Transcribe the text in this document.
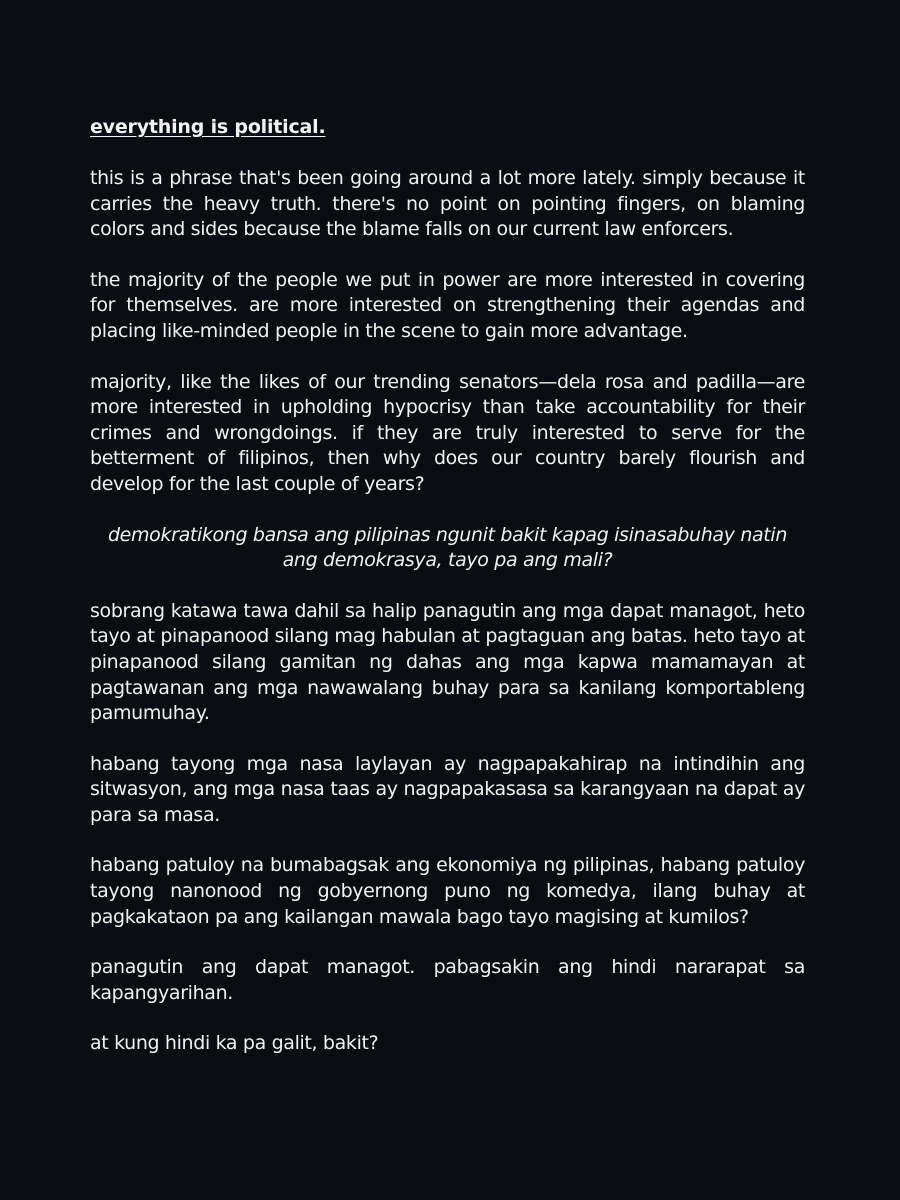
everything is political.

this is a phrase that's been going around a lot more lately. simply because it carries the heavy truth. there's no point on pointing fingers, on blaming colors and sides because the blame falls on our current law enforcers.

the majority of the people we put in power are more interested in covering for themselves. are more interested on strengthening their agendas and placing like-minded people in the scene to gain more advantage.

majority, like the likes of our trending senators—dela rosa and padilla—are more interested in upholding hypocrisy than take accountability for their crimes and wrongdoings. if they are truly interested to serve for the betterment of filipinos, then why does our country barely flourish and develop for the last couple of years?

demokratikong bansa ang pilipinas ngunit bakit kapag isinasabuhay natin ang demokrasya, tayo pa ang mali?

sobrang katawa tawa dahil sa halip panagutin ang mga dapat managot, heto tayo at pinapanood silang mag habulan at pagtaguan ang batas. heto tayo at pinapanood silang gamitan ng dahas ang mga kapwa mamamayan at pagtawanan ang mga nawawalang buhay para sa kanilang komportableng pamumuhay.

habang tayong mga nasa laylayan ay nagpapakahirap na intindihin ang sitwasyon, ang mga nasa taas ay nagpapakasasa sa karangyaan na dapat ay para sa masa.

habang patuloy na bumabagsak ang ekonomiya ng pilipinas, habang patuloy tayong nanonood ng gobyernong puno ng komedya, ilang buhay at pagkakataon pa ang kailangan mawala bago tayo magising at kumilos?

panagutin ang dapat managot. pabagsakin ang hindi nararapat sa kapangyarihan.

at kung hindi ka pa galit, bakit?
